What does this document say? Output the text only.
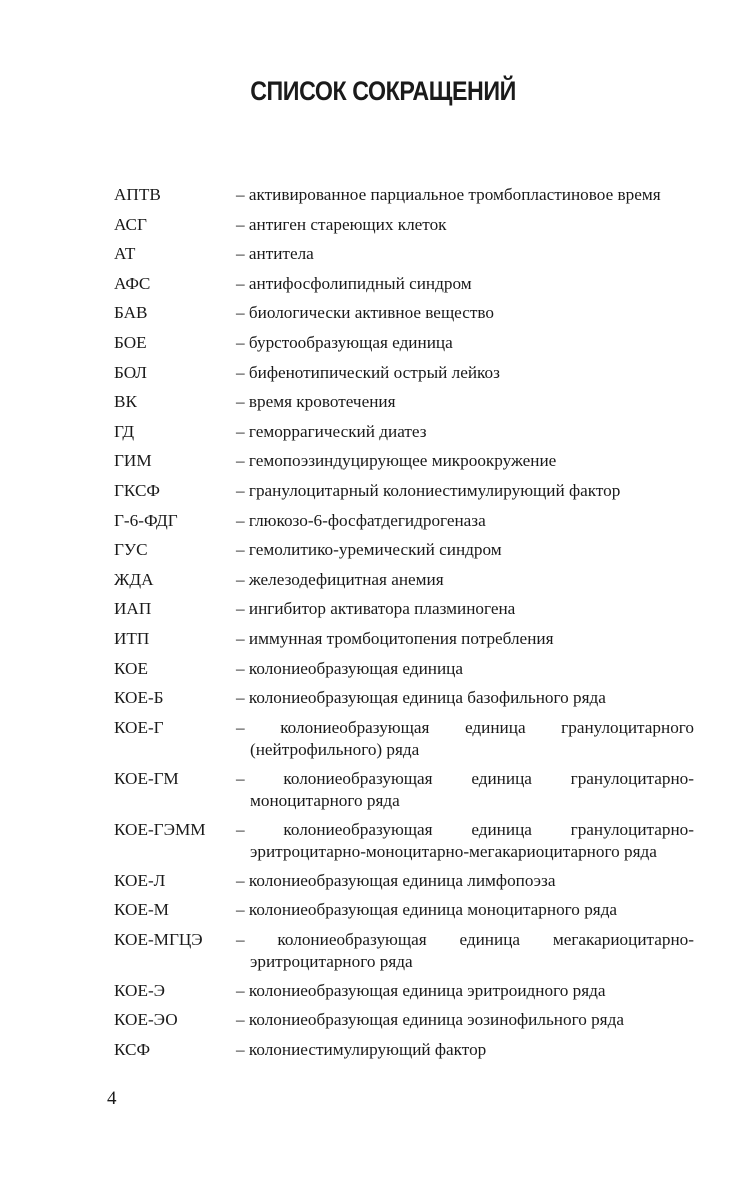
СПИСОК СОКРАЩЕНИЙ
АПТВ	– активированное парциальное тромбопластиновое время
АСГ	– антиген стареющих клеток
АТ	– антитела
АФС	– антифосфолипидный синдром
БАВ	– биологически активное вещество
БОЕ	– бурстообразующая единица
БОЛ	– бифенотипический острый лейкоз
ВК	– время кровотечения
ГД	– геморрагический диатез
ГИМ	– гемопоэзиндуцирующее микроокружение
ГКСФ	– гранулоцитарный колониестимулирующий фактор
Г-6-ФДГ	– глюкозо-6-фосфатдегидрогеназа
ГУС	– гемолитико-уремический синдром
ЖДА	– железодефицитная анемия
ИАП	– ингибитор активатора плазминогена
ИТП	– иммунная тромбоцитопения потребления
КОЕ	– колониеобразующая единица
КОЕ-Б	– колониеобразующая единица базофильного ряда
КОЕ-Г	– колониеобразующая единица гранулоцитарного (нейтрофильного) ряда
КОЕ-ГМ	– колониеобразующая единица гранулоцитарно-моноцитарного ряда
КОЕ-ГЭММ	– колониеобразующая единица гранулоцитарно-эритроцитарно-моноцитарно-мегакариоцитарного ряда
КОЕ-Л	– колониеобразующая единица лимфопоэза
КОЕ-М	– колониеобразующая единица моноцитарного ряда
КОЕ-МГЦЭ	– колониеобразующая единица мегакариоцитарно-эритроцитарного ряда
КОЕ-Э	– колониеобразующая единица эритроидного ряда
КОЕ-ЭО	– колониеобразующая единица эозинофильного ряда
КСФ	– колониестимулирующий фактор
4
